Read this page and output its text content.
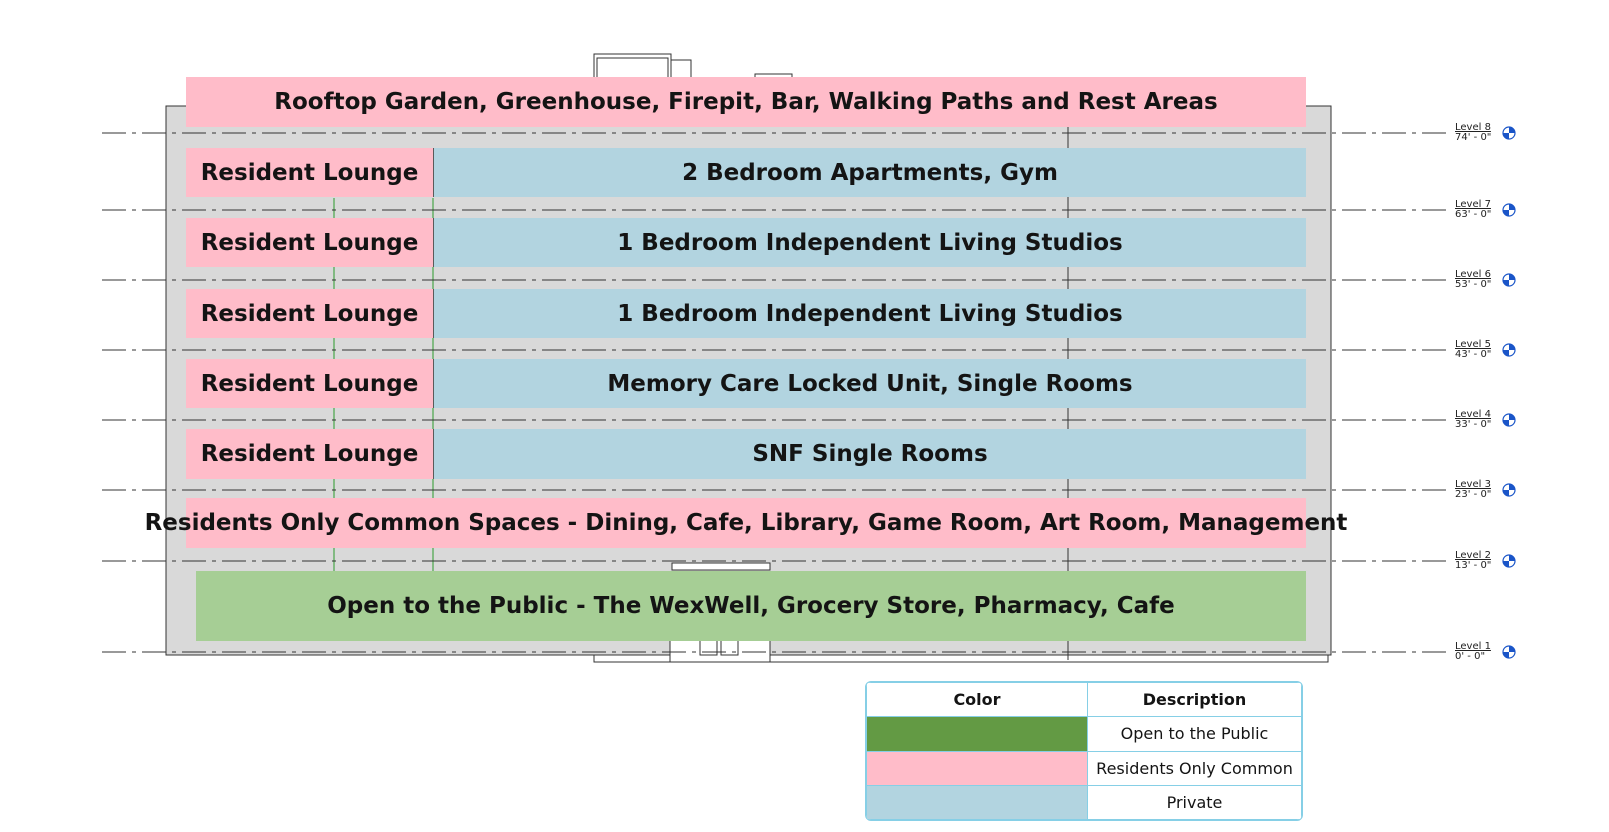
Rooftop Garden, Greenhouse, Firepit, Bar, Walking Paths and Rest Areas
Resident Lounge	2 Bedroom Apartments, Gym
Resident Lounge	1 Bedroom Independent Living Studios
Resident Lounge	1 Bedroom Independent Living Studios
Resident Lounge	Memory Care Locked Unit, Single Rooms
Resident Lounge	SNF Single Rooms
Residents Only Common Spaces - Dining, Cafe, Library, Game Room, Art Room, Management
Open to the Public - The WexWell, Grocery Store, Pharmacy, Cafe
Level 8
74' - 0"
Level 7
63' - 0"
Level 6
53' - 0"
Level 5
43' - 0"
Level 4
33' - 0"
Level 3
23' - 0"
Level 2
13' - 0"
Level 1
0' - 0"
Color	Description
	Open to the Public
	Residents Only Common
	Private
